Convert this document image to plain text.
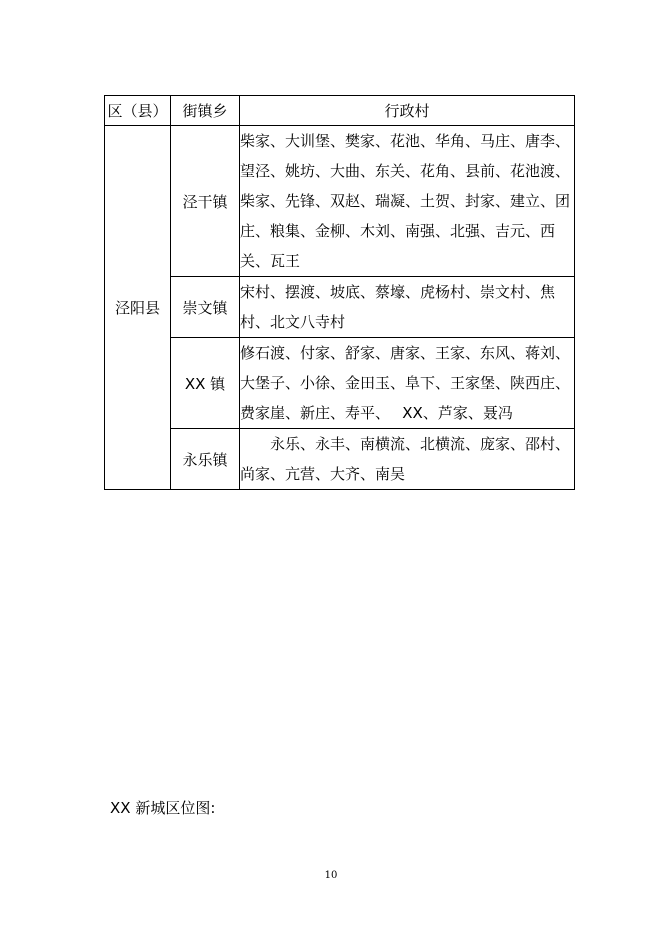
区（县）	街镇乡	行政村
泾阳县	泾干镇	柴家、大训堡、樊家、花池、华角、马庄、唐李、望泾、姚坊、大曲、东关、花角、县前、花池渡、柴家、先锋、双赵、瑞凝、土贺、封家、建立、团庄、粮集、金柳、木刘、南强、北强、吉元、西关、瓦王
	崇文镇	宋村、摆渡、坡底、蔡壕、虎杨村、崇文村、焦村、北文八寺村
	XX 镇	修石渡、付家、舒家、唐家、王家、东风、蒋刘、大堡子、小徐、金田玉、阜下、王家堡、陕西庄、费家崖、新庄、寿平、　 XX、芦家、聂冯
	永乐镇	永乐、永丰、南横流、北横流、庞家、邵村、尚家、亢营、大齐、南吴
XX 新城区位图:
10
